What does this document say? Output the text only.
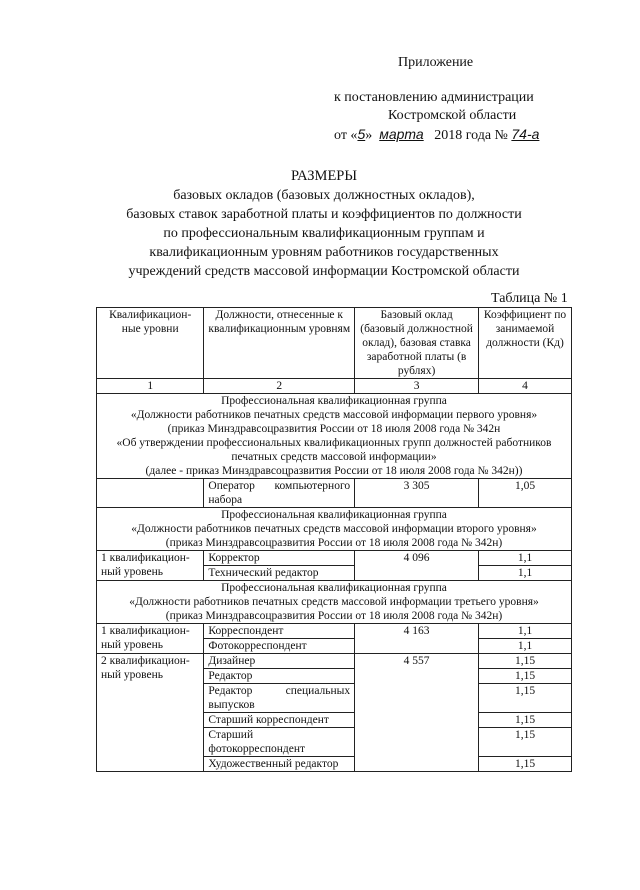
Приложение
к постановлению администрации
Костромской области
от «5» марта 2018 года № 74-а
РАЗМЕРЫ
базовых окладов (базовых должностных окладов),
базовых ставок заработной платы и коэффициентов по должности
по профессиональным квалификационным группам и
квалификационным уровням работников государственных
учреждений средств массовой информации Костромской области
Таблица № 1
Квалификацион-ные уровни	Должности, отнесенные к квалификационным уровням	Базовый оклад (базовый должностной оклад), базовая ставка заработной платы (в рублях)	Коэффициент по занимаемой должности (Кд)
1	2	3	4

Профессиональная квалификационная группа
«Должности работников печатных средств массовой информации первого уровня»
(приказ Минздравсоцразвития России от 18 июля 2008 года № 342н
«Об утверждении профессиональных квалификационных групп должностей работников печатных средств массовой информации»
(далее - приказ Минздравсоцразвития России от 18 июля 2008 года № 342н))			

	Оператор компьютерного набора	3 305	1,05

Профессиональная квалификационная группа
«Должности работников печатных средств массовой информации второго уровня»
(приказ Минздравсоцразвития России от 18 июля 2008 года № 342н)			

1 квалификацион-ный уровень	Корректор	4 096	1,1
	Технический редактор		1,1

Профессиональная квалификационная группа
«Должности работников печатных средств массовой информации третьего уровня»
(приказ Минздравсоцразвития России от 18 июля 2008 года № 342н)			

1 квалификацион-ный уровень	Корреспондент	4 163	1,1
	Фотокорреспондент		1,1
2 квалификацион-ный уровень	Дизайнер	4 557	1,15
	Редактор		1,15
	Редактор специальных выпусков		1,15
	Старший корреспондент		1,15
	Старший фотокорреспондент		1,15
	Художественный редактор		1,15
